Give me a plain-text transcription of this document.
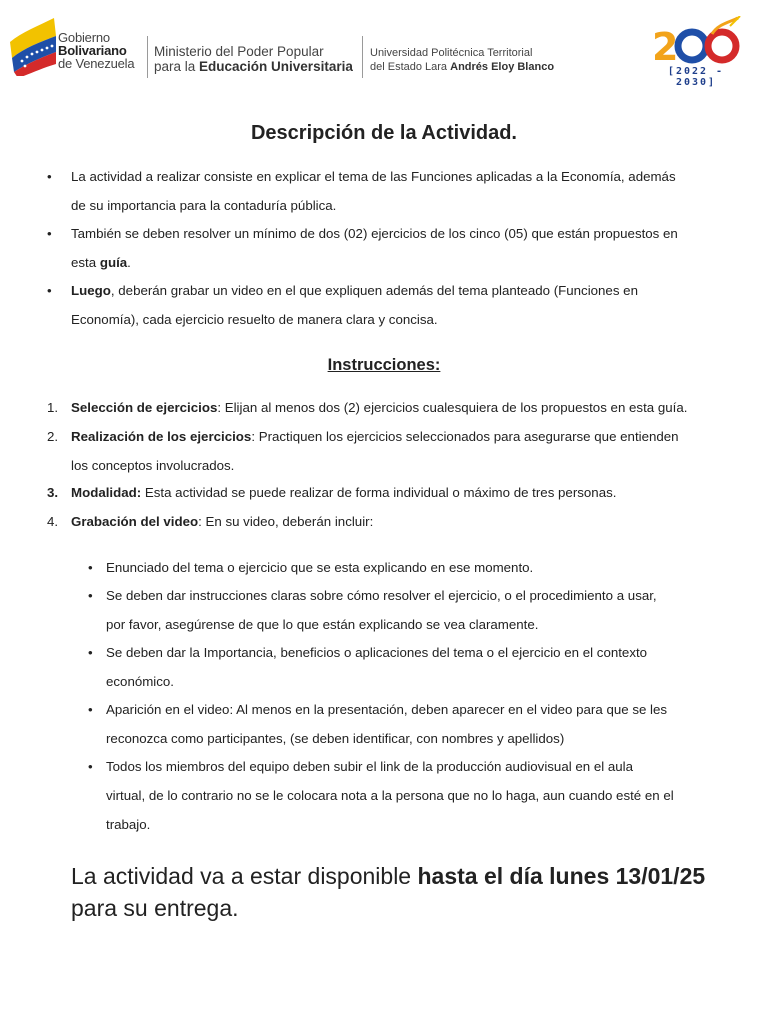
Gobierno
Bolivariano
de Venezuela
Ministerio del Poder Popular
para la Educación Universitaria
Universidad Politécnica Territorial
del Estado Lara Andrés Eloy Blanco	2
[2022 - 2030]
Descripción de la Actividad.
• La actividad a realizar consiste en explicar el tema de las Funciones aplicadas a la Economía, además
de su importancia para la contaduría pública.
• También se deben resolver un mínimo de dos (02) ejercicios de los cinco (05) que están propuestos en
esta guía.
• Luego, deberán grabar un video en el que expliquen además del tema planteado (Funciones en
Economía), cada ejercicio resuelto de manera clara y concisa.
Instrucciones:
1. Selección de ejercicios: Elijan al menos dos (2) ejercicios cualesquiera de los propuestos en esta guía.
2. Realización de los ejercicios: Practiquen los ejercicios seleccionados para asegurarse que entienden
los conceptos involucrados.
3. Modalidad: Esta actividad se puede realizar de forma individual o máximo de tres personas.
4. Grabación del video: En su video, deberán incluir:
• Enunciado del tema o ejercicio que se esta explicando en ese momento.
• Se deben dar instrucciones claras sobre cómo resolver el ejercicio, o el procedimiento a usar,
por favor, asegúrense de que lo que están explicando se vea claramente.
• Se deben dar la Importancia, beneficios o aplicaciones del tema o el ejercicio en el contexto
económico.
• Aparición en el video: Al menos en la presentación, deben aparecer en el video para que se les
reconozca como participantes, (se deben identificar, con nombres y apellidos)
• Todos los miembros del equipo deben subir el link de la producción audiovisual en el aula
virtual, de lo contrario no se le colocara nota a la persona que no lo haga, aun cuando esté en el
trabajo.
La actividad va a estar disponible hasta el día lunes 13/01/25
para su entrega.
